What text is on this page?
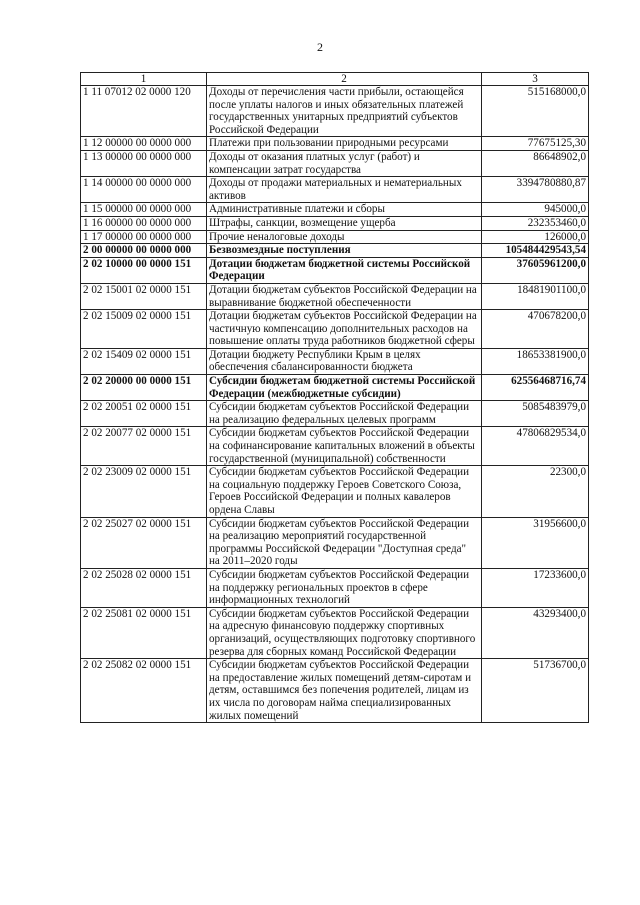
2
1	2	3
1 11 07012 02 0000 120	Доходы от перечисления части прибыли, остающейся после уплаты налогов и иных обязательных платежей государственных унитарных предприятий субъектов Российской Федерации	515168000,0
1 12 00000 00 0000 000	Платежи при пользовании природными ресурсами	77675125,30
1 13 00000 00 0000 000	Доходы от оказания платных услуг (работ) и компенсации затрат государства	86648902,0
1 14 00000 00 0000 000	Доходы от продажи материальных и нематериальных активов	3394780880,87
1 15 00000 00 0000 000	Административные платежи и сборы	945000,0
1 16 00000 00 0000 000	Штрафы, санкции, возмещение ущерба	232353460,0
1 17 00000 00 0000 000	Прочие неналоговые доходы	126000,0
2 00 00000 00 0000 000	Безвозмездные поступления	105484429543,54
2 02 10000 00 0000 151	Дотации бюджетам бюджетной системы Российской Федерации	37605961200,0
2 02 15001 02 0000 151	Дотации бюджетам субъектов Российской Федерации на выравнивание бюджетной обеспеченности	18481901100,0
2 02 15009 02 0000 151	Дотации бюджетам субъектов Российской Федерации на частичную компенсацию дополнительных расходов на повышение оплаты труда работников бюджетной сферы	470678200,0
2 02 15409 02 0000 151	Дотации бюджету Республики Крым в целях обеспечения сбалансированности бюджета	18653381900,0
2 02 20000 00 0000 151	Субсидии бюджетам бюджетной системы Российской Федерации (межбюджетные субсидии)	62556468716,74
2 02 20051 02 0000 151	Субсидии бюджетам субъектов Российской Федерации на реализацию федеральных целевых программ	5085483979,0
2 02 20077 02 0000 151	Субсидии бюджетам субъектов Российской Федерации на софинансирование капитальных вложений в объекты государственной (муниципальной) собственности	47806829534,0
2 02 23009 02 0000 151	Субсидии бюджетам субъектов Российской Федерации на социальную поддержку Героев Советского Союза, Героев Российской Федерации и полных кавалеров ордена Славы	22300,0
2 02 25027 02 0000 151	Субсидии бюджетам субъектов Российской Федерации на реализацию мероприятий государственной программы Российской Федерации "Доступная среда" на 2011–2020 годы	31956600,0
2 02 25028 02 0000 151	Субсидии бюджетам субъектов Российской Федерации на поддержку региональных проектов в сфере информационных технологий	17233600,0
2 02 25081 02 0000 151	Субсидии бюджетам субъектов Российской Федерации на адресную финансовую поддержку спортивных организаций, осуществляющих подготовку спортивного резерва для сборных команд Российской Федерации	43293400,0
2 02 25082 02 0000 151	Субсидии бюджетам субъектов Российской Федерации на предоставление жилых помещений детям-сиротам и детям, оставшимся без попечения родителей, лицам из их числа по договорам найма специализированных жилых помещений	51736700,0
